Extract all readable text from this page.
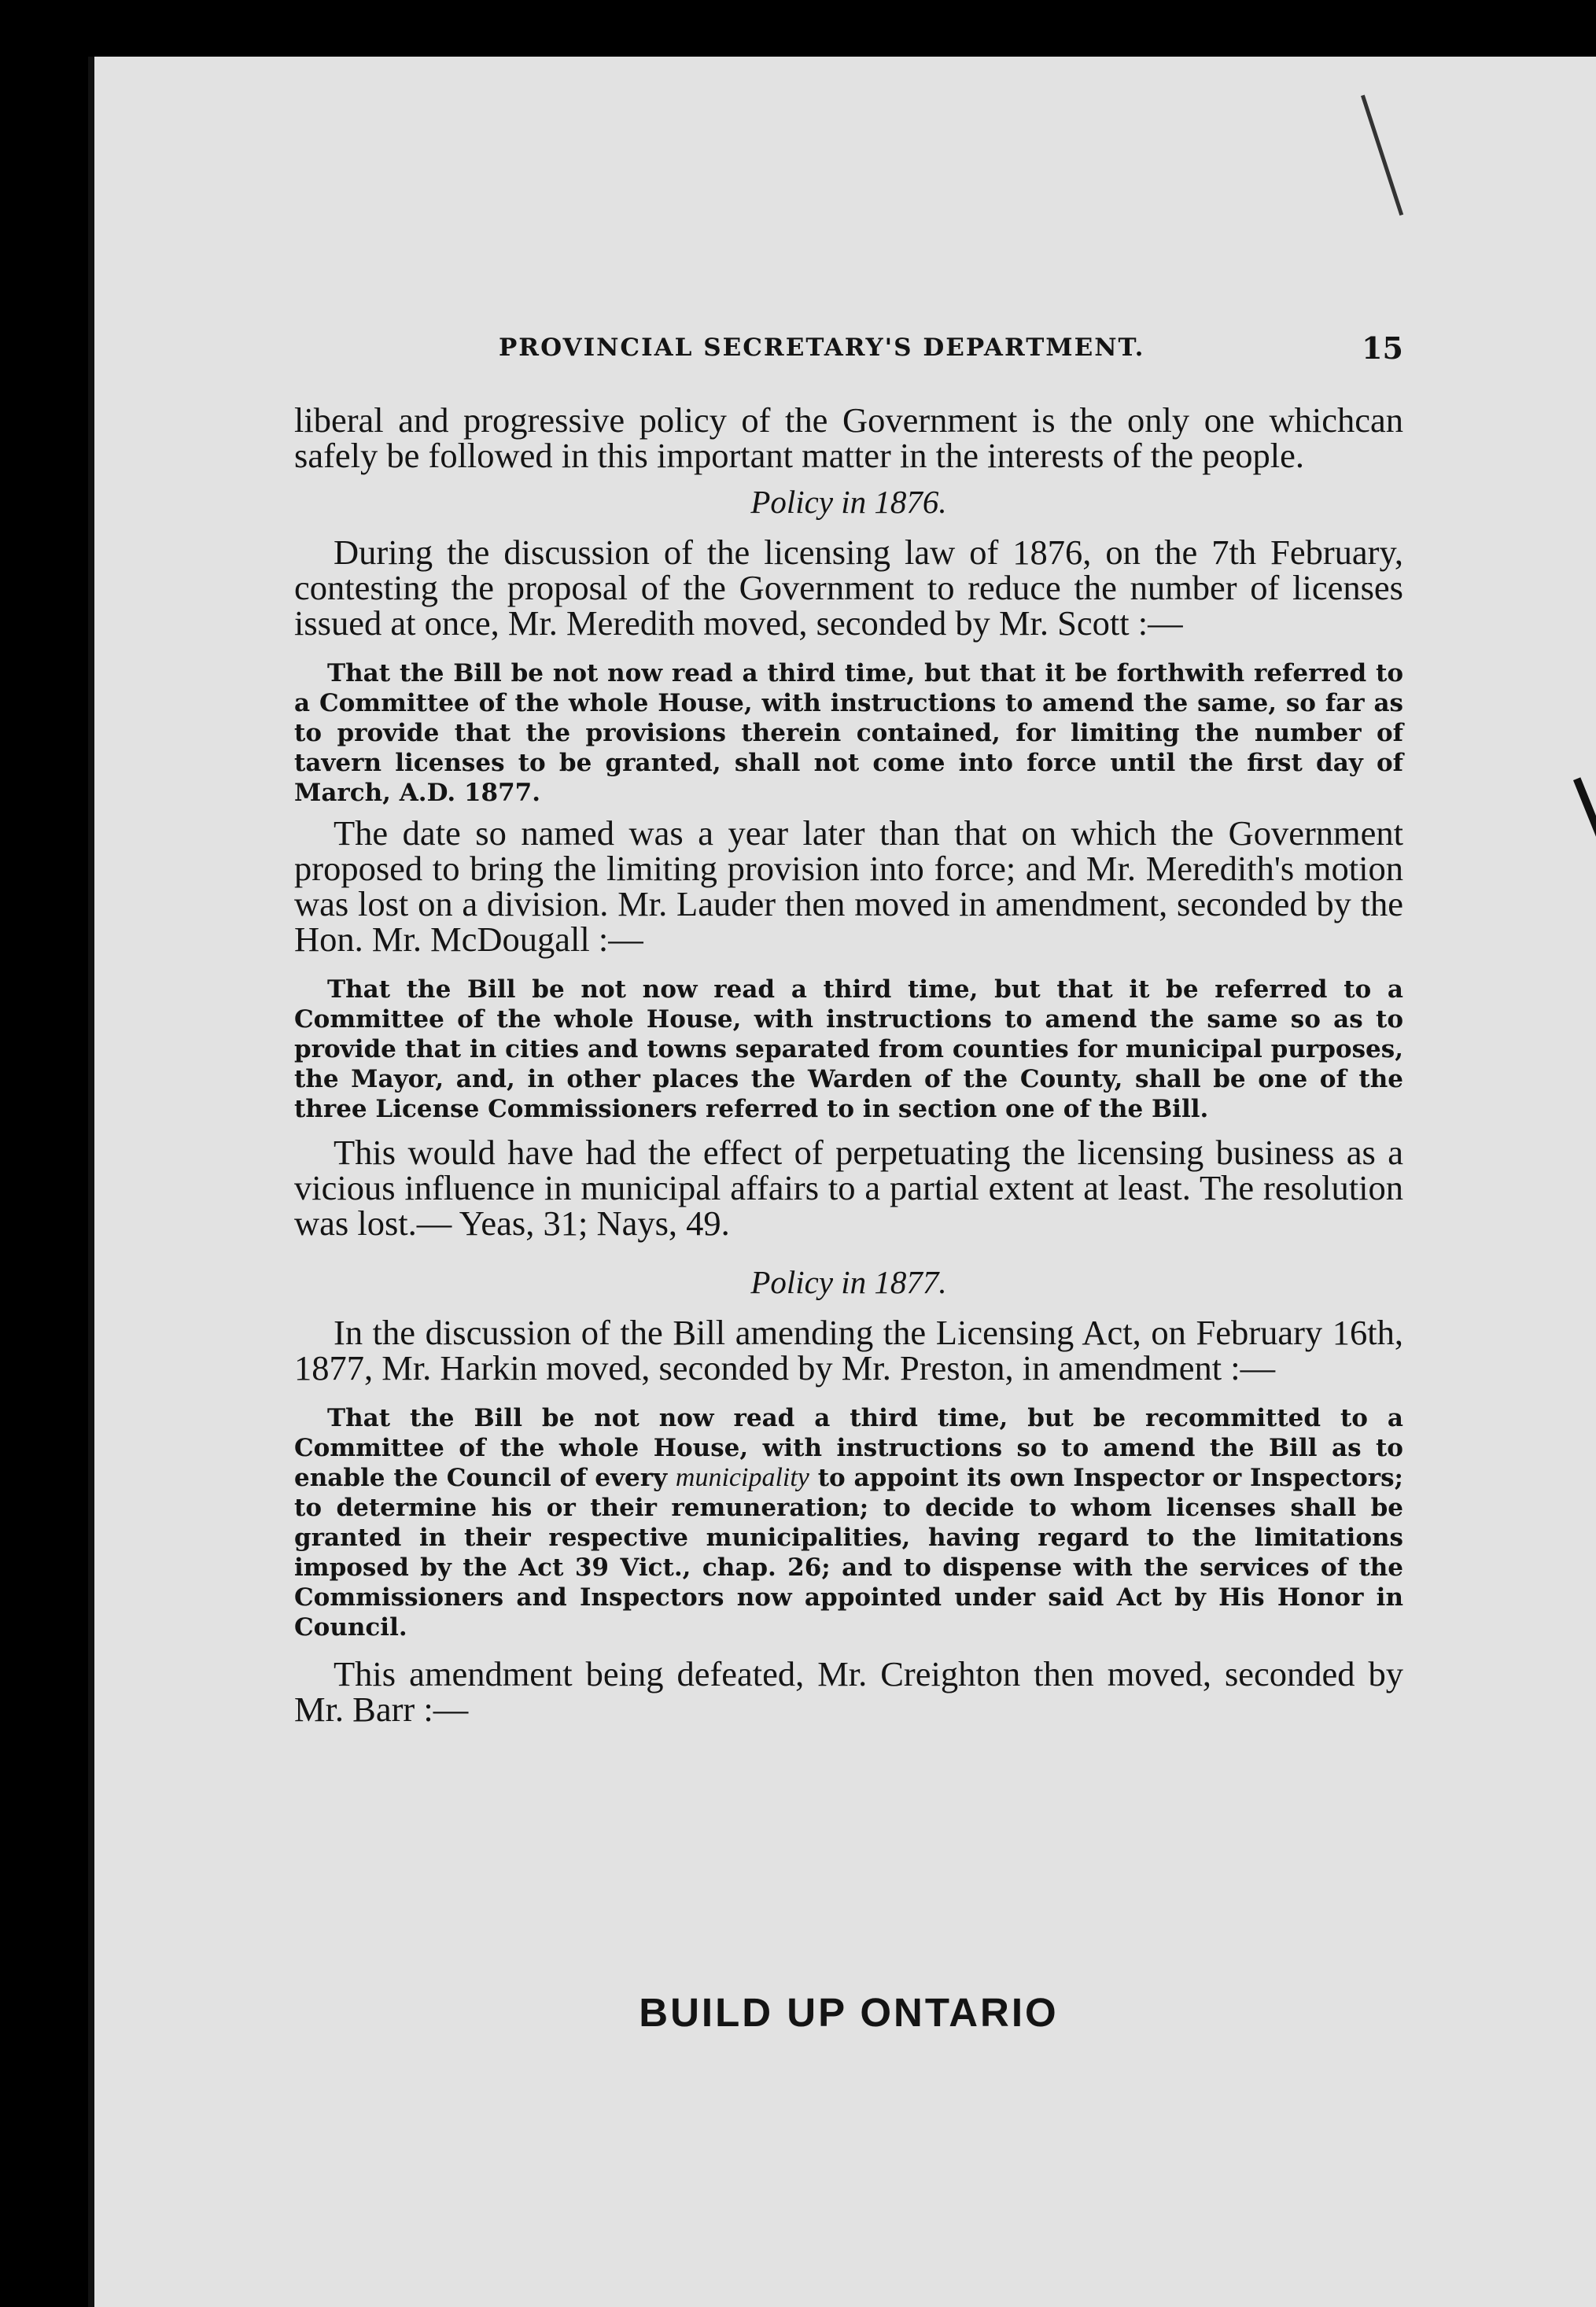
PROVINCIAL SECRETARY'S DEPARTMENT.	15

liberal and progressive policy of the Government is the only one whichcan safely be followed in this important matter in the interests of the people.

Policy in 1876.

During the discussion of the licensing law of 1876, on the 7th February, contesting the proposal of the Government to reduce the number of licenses issued at once, Mr. Meredith moved, seconded by Mr. Scott :—

That the Bill be not now read a third time, but that it be forthwith referred to a Committee of the whole House, with instructions to amend the same, so far as to provide that the provisions therein contained, for limiting the number of tavern licenses to be granted, shall not come into force until the first day of March, A.D. 1877.

The date so named was a year later than that on which the Government proposed to bring the limiting provision into force; and Mr. Meredith's motion was lost on a division. Mr. Lauder then moved in amendment, seconded by the Hon. Mr. McDougall :—

That the Bill be not now read a third time, but that it be referred to a Committee of the whole House, with instructions to amend the same so as to provide that in cities and towns separated from counties for municipal purposes, the Mayor, and, in other places the Warden of the County, shall be one of the three License Commissioners referred to in section one of the Bill.

This would have had the effect of perpetuating the licensing business as a vicious influence in municipal affairs to a partial extent at least. The resolution was lost.— Yeas, 31; Nays, 49.

Policy in 1877.

In the discussion of the Bill amending the Licensing Act, on February 16th, 1877, Mr. Harkin moved, seconded by Mr. Preston, in amendment :—

That the Bill be not now read a third time, but be recommitted to a Committee of the whole House, with instructions so to amend the Bill as to enable the Council of every municipality to appoint its own Inspector or Inspectors; to determine his or their remuneration; to decide to whom licenses shall be granted in their respective municipalities, having regard to the limitations imposed by the Act 39 Vict., chap. 26; and to dispense with the services of the Commissioners and Inspectors now appointed under said Act by His Honor in Council.

This amendment being defeated, Mr. Creighton then moved, seconded by Mr. Barr :—

BUILD UP ONTARIO
